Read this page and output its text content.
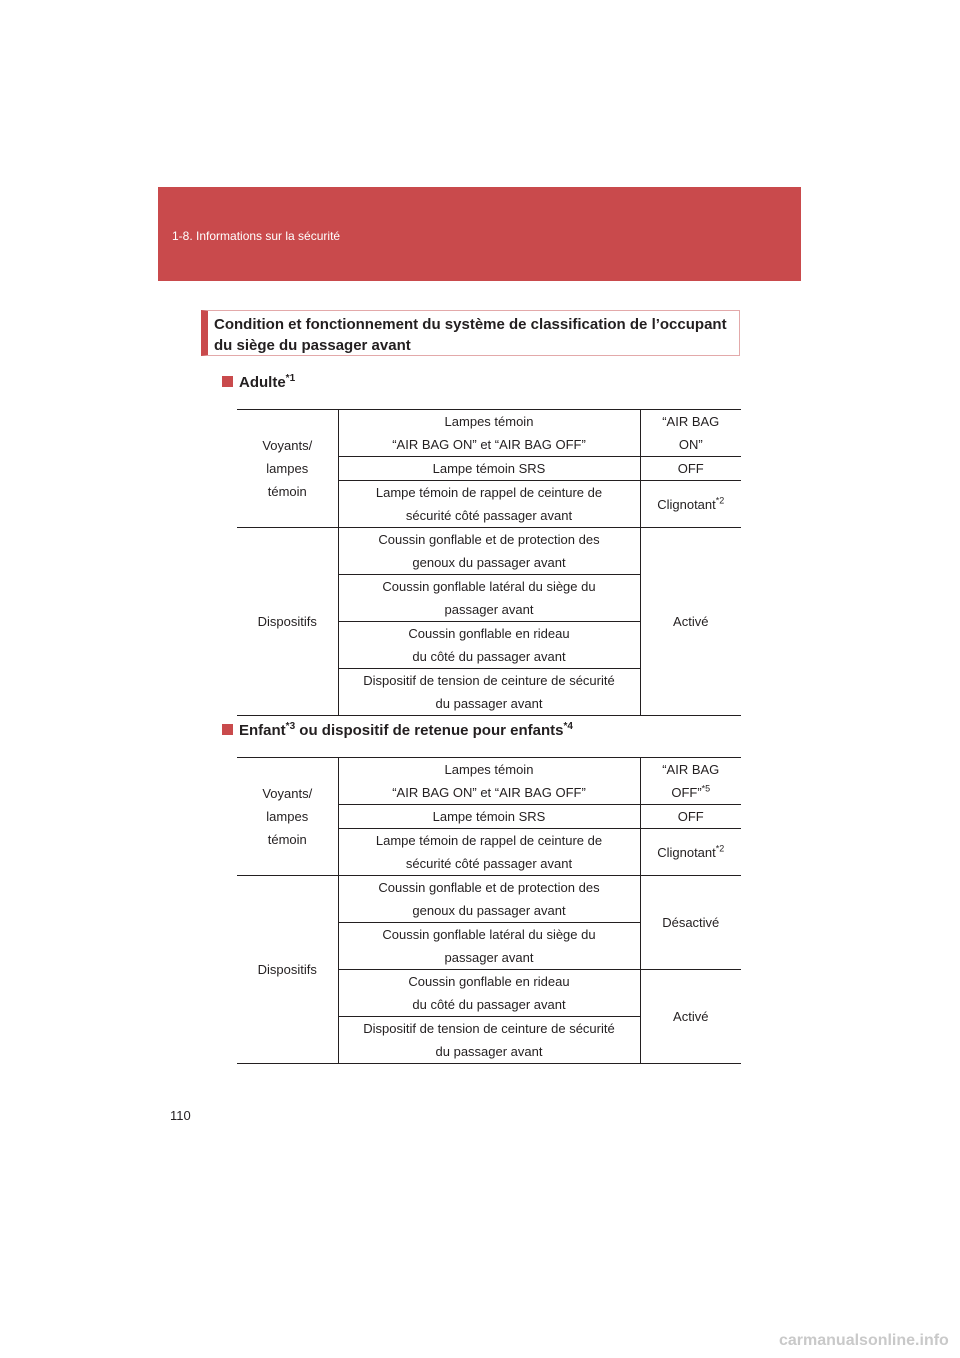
1-8. Informations sur la sécurité
Condition et fonctionnement du système de classification de l’occupant
du siège du passager avant
Adulte$^{*1}$
Voyants/
lampes
témoin	Lampes témoin
“AIR BAG ON” et “AIR BAG OFF”	“AIR BAG
ON”

	Lampe témoin SRS	OFF

	Lampe témoin de rappel de ceinture de
sécurité côté passager avant	Clignotant$^{*2}$
Dispositifs	Coussin gonflable et de protection des
genoux du passager avant	Activé

	Coussin gonflable latéral du siège du
passager avant	

	Coussin gonflable en rideau
du côté du passager avant	

	Dispositif de tension de ceinture de sécurité
du passager avant	
Enfant$^{*3}$ ou dispositif de retenue pour enfants$^{*4}$
Voyants/
lampes
témoin	Lampes témoin
“AIR BAG ON” et “AIR BAG OFF”	“AIR BAG
OFF”$^{*5}$

	Lampe témoin SRS	OFF

	Lampe témoin de rappel de ceinture de
sécurité côté passager avant	Clignotant$^{*2}$
Dispositifs	Coussin gonflable et de protection des
genoux du passager avant	Désactivé

	Coussin gonflable latéral du siège du
passager avant	

	Coussin gonflable en rideau
du côté du passager avant	Activé

	Dispositif de tension de ceinture de sécurité
du passager avant	
110
carmanualsonline.info
